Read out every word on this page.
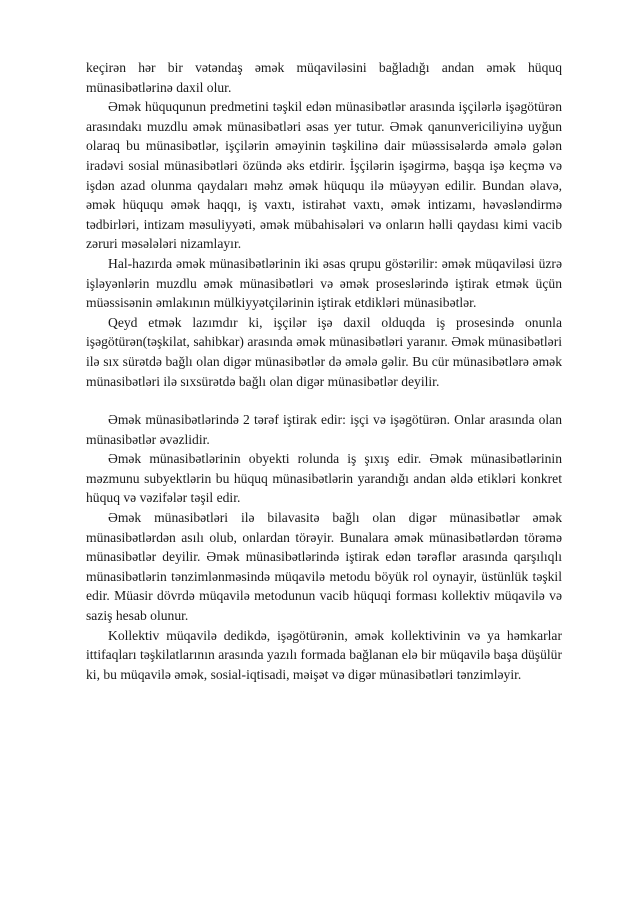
keçirən hər bir vətəndaş əmək müqaviləsini bağladığı andan əmək hüquq münasibətlərinə daxil olur.

Əmək hüququnun predmetini təşkil edən münasibətlər arasında işçilərlə işəgötürən arasındakı muzdlu əmək münasibətləri əsas yer tutur. Əmək qanunvericiliyinə uyğun olaraq bu münasibətlər, işçilərin əməyinin təşkilinə dair müəssisələrdə əmələ gələn iradəvi sosial münasibətləri özündə əks etdirir. İşçilərin işəgirmə, başqa işə keçmə və işdən azad olunma qaydaları məhz əmək hüququ ilə müəyyən edilir. Bundan əlavə, əmək hüququ əmək haqqı, iş vaxtı, istirahət vaxtı, əmək intizamı, həvəsləndirmə tədbirləri, intizam məsuliyyəti, əmək mübahisələri və onların həlli qaydası kimi vacib zəruri məsələləri nizamlayır.

Hal-hazırda əmək münasibətlərinin iki əsas qrupu göstərilir: əmək müqaviləsi üzrə işləyənlərin muzdlu əmək münasibətləri və əmək proseslərində iştirak etmək üçün müəssisənin əmlakının mülkiyyətçilərinin iştirak etdikləri münasibətlər.

Qeyd etmək lazımdır ki, işçilər işə daxil olduqda iş prosesində onunla işəgötürən(təşkilat, sahibkar) arasında əmək münasibətləri yaranır. Əmək münasibətləri ilə sıx sürətdə bağlı olan digər münasibətlər də əmələ gəlir. Bu cür münasibətlərə əmək münasibətləri ilə sıxsürətdə bağlı olan digər münasibətlər deyilir.

Əmək münasibətlərində 2 tərəf iştirak edir: işçi və işəgötürən. Onlar arasında olan münasibətlər əvəzlidir.

Əmək münasibətlərinin obyekti rolunda iş şıxış edir. Əmək münasibətlərinin məzmunu subyektlərin bu hüquq münasibətlərin yarandığı andan əldə etikləri konkret hüquq və vəzifələr təşil edir.

Əmək münasibətləri ilə bilavasitə bağlı olan digər münasibətlər əmək münasibətlərdən asılı olub, onlardan törəyir. Bunalara əmək münasibətlərdən törəmə münasibətlər deyilir. Əmək münasibətlərində iştirak edən tərəflər arasında qarşılıqlı münasibətlərin tənzimlənməsində müqavilə metodu böyük rol oynayir, üstünlük təşkil edir. Müasir dövrdə müqavilə metodunun vacib hüquqi forması kollektiv müqavilə və saziş hesab olunur.

Kollektiv müqavilə dedikdə, işəgötürənin, əmək kollektivinin və ya həmkarlar ittifaqları təşkilatlarının arasında yazılı formada bağlanan elə bir müqavilə başa düşülür ki, bu müqavilə əmək, sosial-iqtisadi, məişət və digər münasibətləri tənzimləyir.
